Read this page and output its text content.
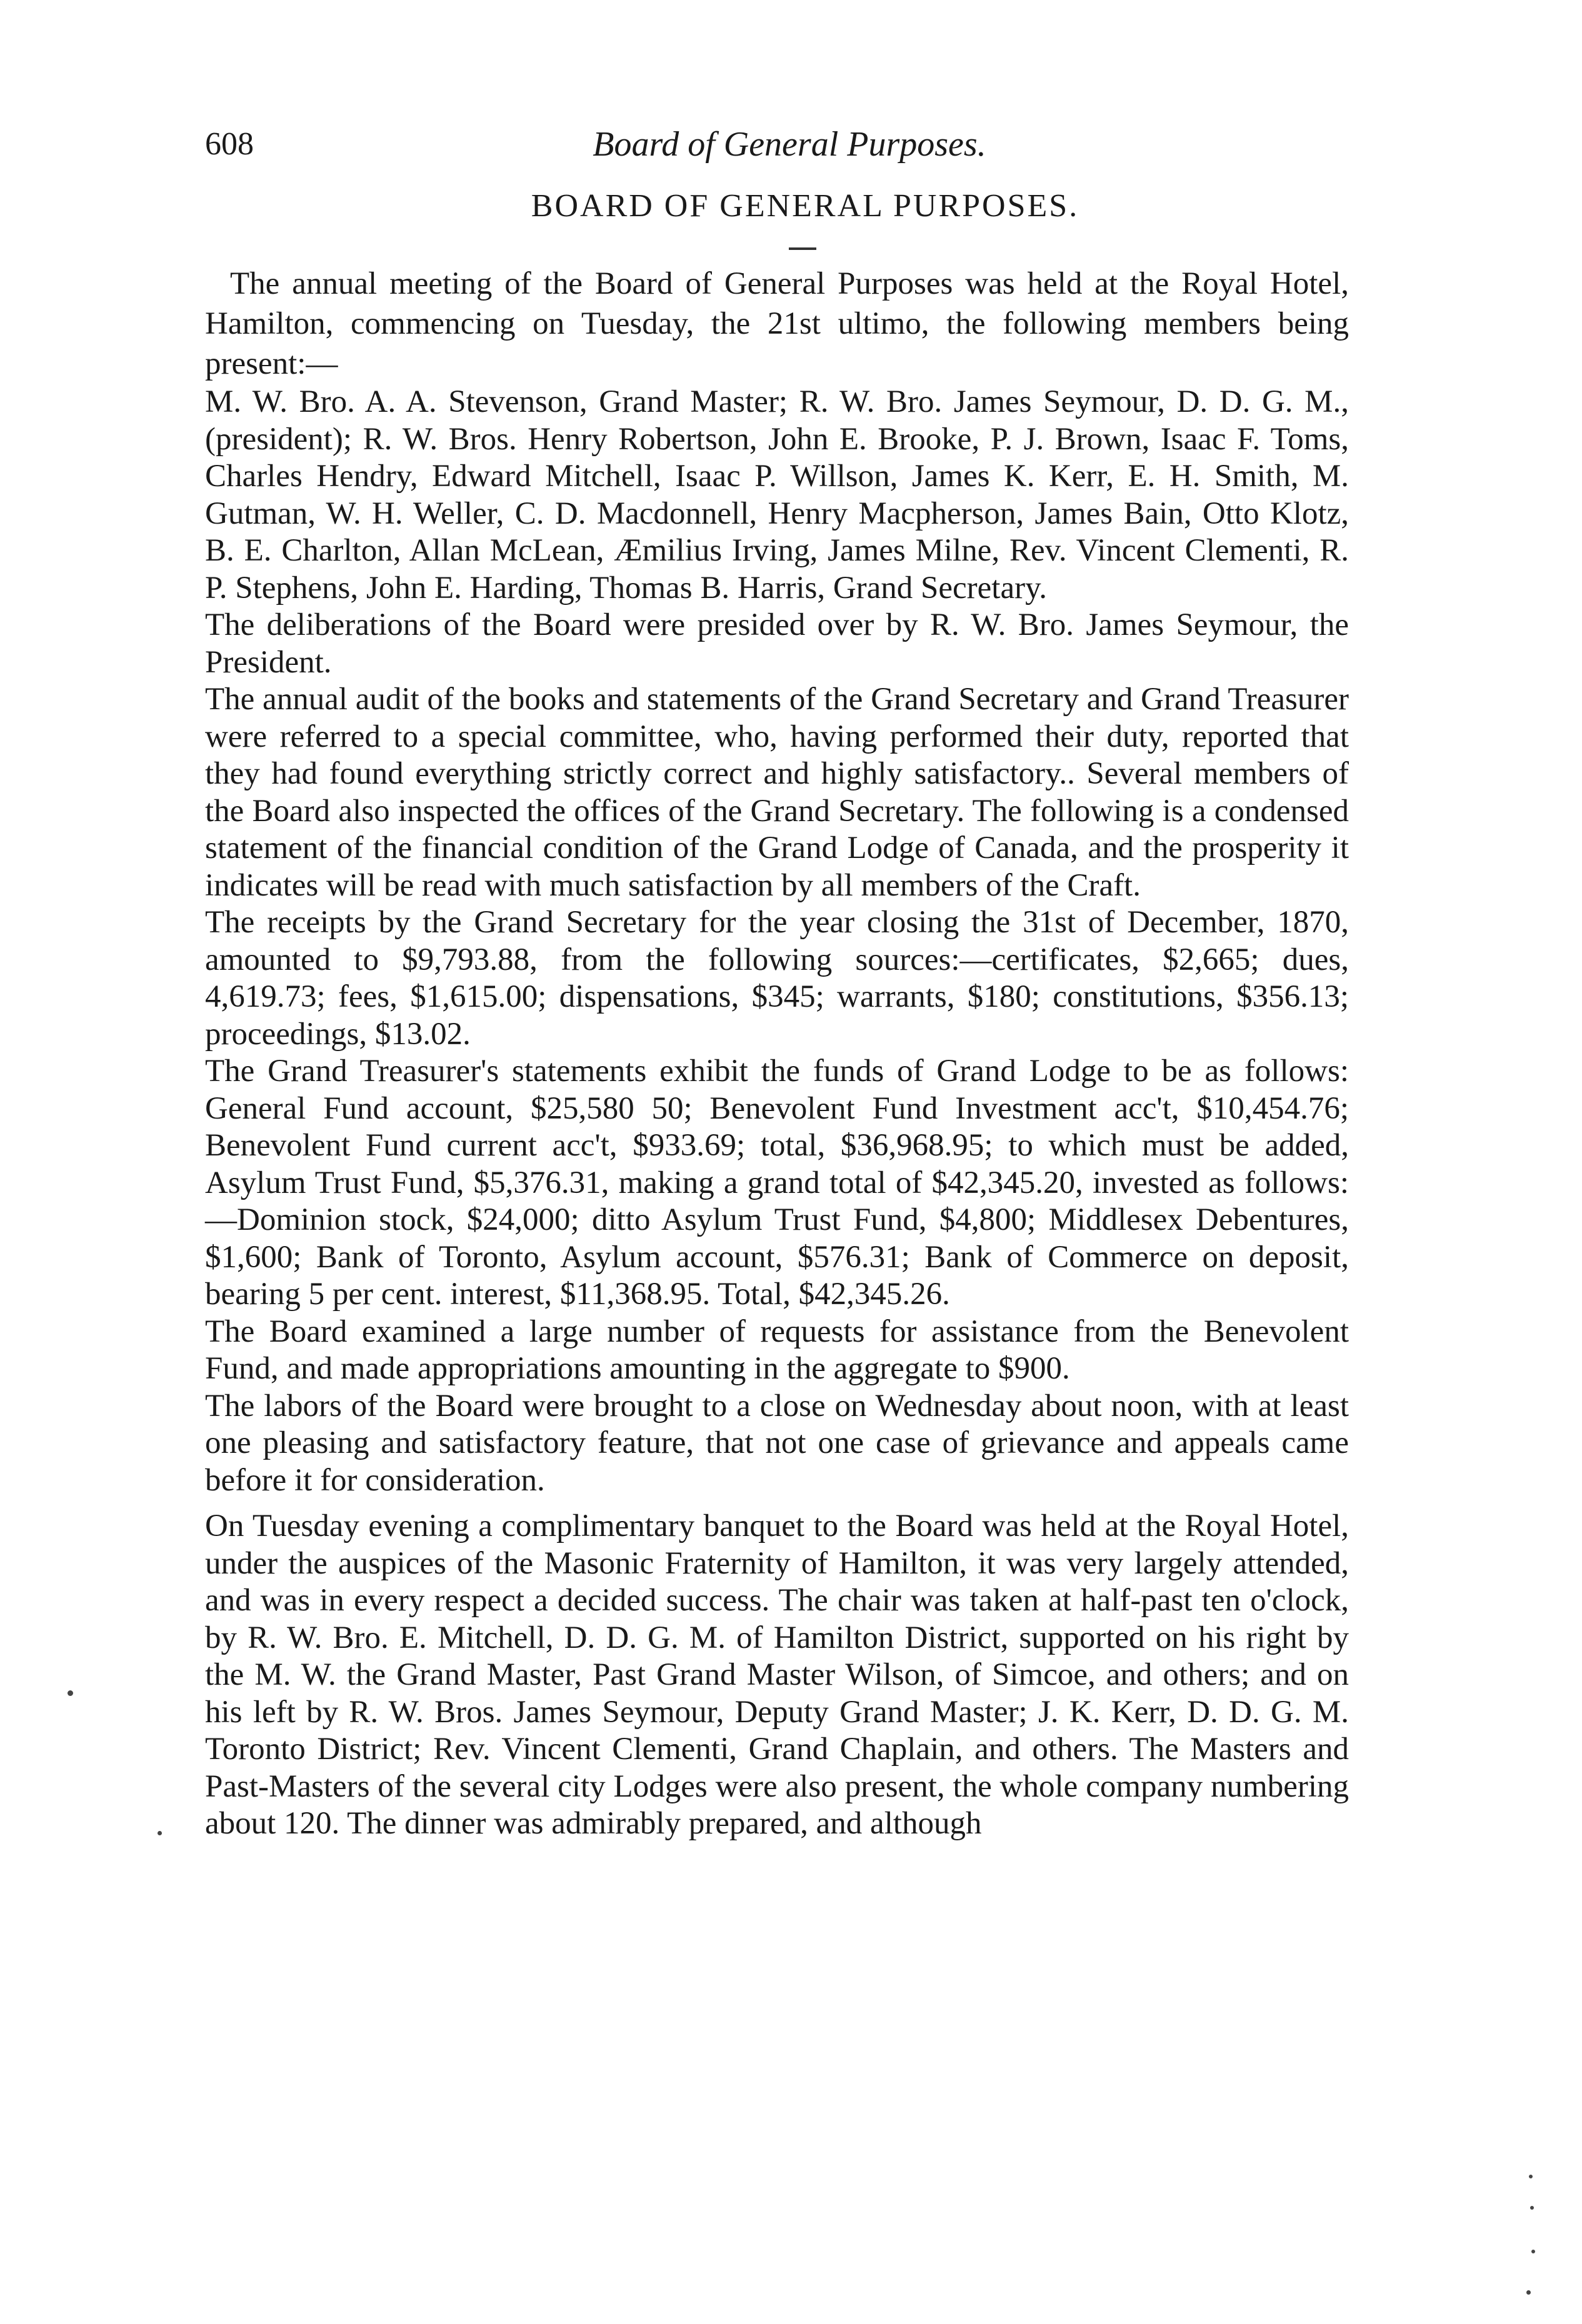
608	Board of General Purposes.
BOARD OF GENERAL PURPOSES.

The annual meeting of the Board of General Purposes was held at the Royal Hotel, Hamilton, commencing on Tuesday, the 21st ultimo, the following members being present:—

M. W. Bro. A. A. Stevenson, Grand Master; R. W. Bro. James Seymour, D. D. G. M., (president); R. W. Bros. Henry Robertson, John E. Brooke, P. J. Brown, Isaac F. Toms, Charles Hendry, Edward Mitchell, Isaac P. Willson, James K. Kerr, E. H. Smith, M. Gutman, W. H. Weller, C. D. Macdonnell, Henry Macpherson, James Bain, Otto Klotz, B. E. Charlton, Allan McLean, Æmilius Irving, James Milne, Rev. Vincent Clementi, R. P. Stephens, John E. Harding, Thomas B. Harris, Grand Secretary.

The deliberations of the Board were presided over by R. W. Bro. James Seymour, the President.

The annual audit of the books and statements of the Grand Secretary and Grand Treasurer were referred to a special committee, who, having performed their duty, reported that they had found everything strictly correct and highly satisfactory.. Several members of the Board also inspected the offices of the Grand Secretary. The following is a condensed statement of the financial condition of the Grand Lodge of Canada, and the prosperity it indicates will be read with much satisfaction by all members of the Craft.

The receipts by the Grand Secretary for the year closing the 31st of December, 1870, amounted to $9,793.88, from the following sources:—certificates, $2,665; dues, 4,619.73; fees, $1,615.00; dispensations, $345; warrants, $180; constitutions, $356.13; proceedings, $13.02.

The Grand Treasurer's statements exhibit the funds of Grand Lodge to be as follows: General Fund account, $25,580 50; Benevolent Fund Investment acc't, $10,454.76; Benevolent Fund current acc't, $933.69; total, $36,968.95; to which must be added, Asylum Trust Fund, $5,376.31, making a grand total of $42,345.20, invested as follows:—Dominion stock, $24,000; ditto Asylum Trust Fund, $4,800; Middlesex Debentures, $1,600; Bank of Toronto, Asylum account, $576.31; Bank of Commerce on deposit, bearing 5 per cent. interest, $11,368.95. Total, $42,345.26.

The Board examined a large number of requests for assistance from the Benevolent Fund, and made appropriations amounting in the aggregate to $900.

The labors of the Board were brought to a close on Wednesday about noon, with at least one pleasing and satisfactory feature, that not one case of grievance and appeals came before it for consideration.

On Tuesday evening a complimentary banquet to the Board was held at the Royal Hotel, under the auspices of the Masonic Fraternity of Hamilton, it was very largely attended, and was in every respect a decided success. The chair was taken at half-past ten o'clock, by R. W. Bro. E. Mitchell, D. D. G. M. of Hamilton District, supported on his right by the M. W. the Grand Master, Past Grand Master Wilson, of Simcoe, and others; and on his left by R. W. Bros. James Seymour, Deputy Grand Master; J. K. Kerr, D. D. G. M. Toronto District; Rev. Vincent Clementi, Grand Chaplain, and others. The Masters and Past-Masters of the several city Lodges were also present, the whole company numbering about 120. The dinner was admirably prepared, and although
